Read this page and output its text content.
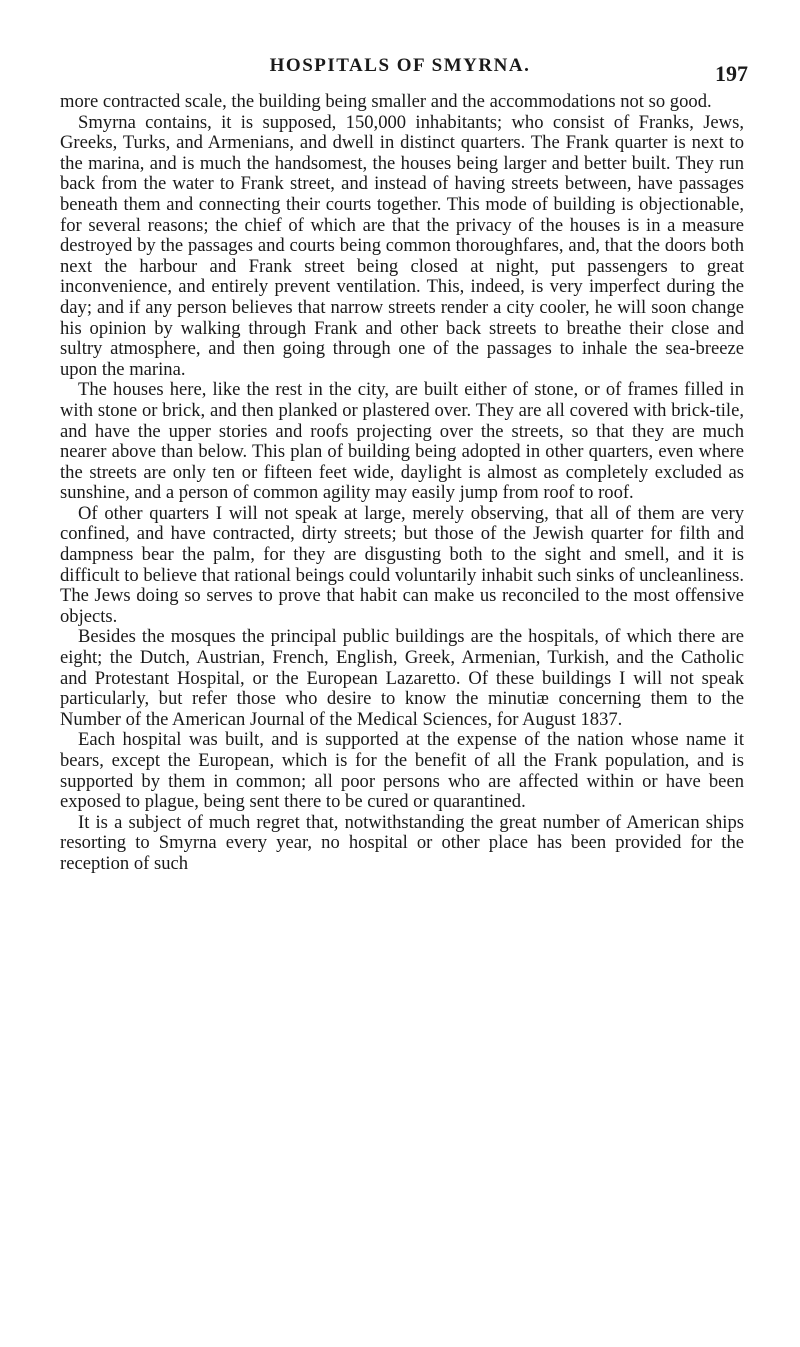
HOSPITALS OF SMYRNA.	197

more contracted scale, the building being smaller and the accommodations not so good.

Smyrna contains, it is supposed, 150,000 inhabitants; who consist of Franks, Jews, Greeks, Turks, and Armenians, and dwell in distinct quarters. The Frank quarter is next to the marina, and is much the handsomest, the houses being larger and better built. They run back from the water to Frank street, and instead of having streets between, have passages beneath them and connecting their courts together. This mode of building is objectionable, for several reasons; the chief of which are that the privacy of the houses is in a measure destroyed by the passages and courts being common thoroughfares, and, that the doors both next the harbour and Frank street being closed at night, put passengers to great inconvenience, and entirely prevent ventilation. This, indeed, is very imperfect during the day; and if any person believes that narrow streets render a city cooler, he will soon change his opinion by walking through Frank and other back streets to breathe their close and sultry atmosphere, and then going through one of the passages to inhale the sea-breeze upon the marina.

The houses here, like the rest in the city, are built either of stone, or of frames filled in with stone or brick, and then planked or plastered over. They are all covered with brick-tile, and have the upper stories and roofs projecting over the streets, so that they are much nearer above than below. This plan of building being adopted in other quarters, even where the streets are only ten or fifteen feet wide, daylight is almost as completely excluded as sunshine, and a person of common agility may easily jump from roof to roof.

Of other quarters I will not speak at large, merely observing, that all of them are very confined, and have contracted, dirty streets; but those of the Jewish quarter for filth and dampness bear the palm, for they are disgusting both to the sight and smell, and it is difficult to believe that rational beings could voluntarily inhabit such sinks of uncleanliness. The Jews doing so serves to prove that habit can make us reconciled to the most offensive objects.

Besides the mosques the principal public buildings are the hospitals, of which there are eight; the Dutch, Austrian, French, English, Greek, Armenian, Turkish, and the Catholic and Protestant Hospital, or the European Lazaretto. Of these buildings I will not speak particularly, but refer those who desire to know the minutiæ concerning them to the Number of the American Journal of the Medical Sciences, for August 1837.

Each hospital was built, and is supported at the expense of the nation whose name it bears, except the European, which is for the benefit of all the Frank population, and is supported by them in common; all poor persons who are affected within or have been exposed to plague, being sent there to be cured or quarantined.

It is a subject of much regret that, notwithstanding the great number of American ships resorting to Smyrna every year, no hospital or other place has been provided for the reception of such
